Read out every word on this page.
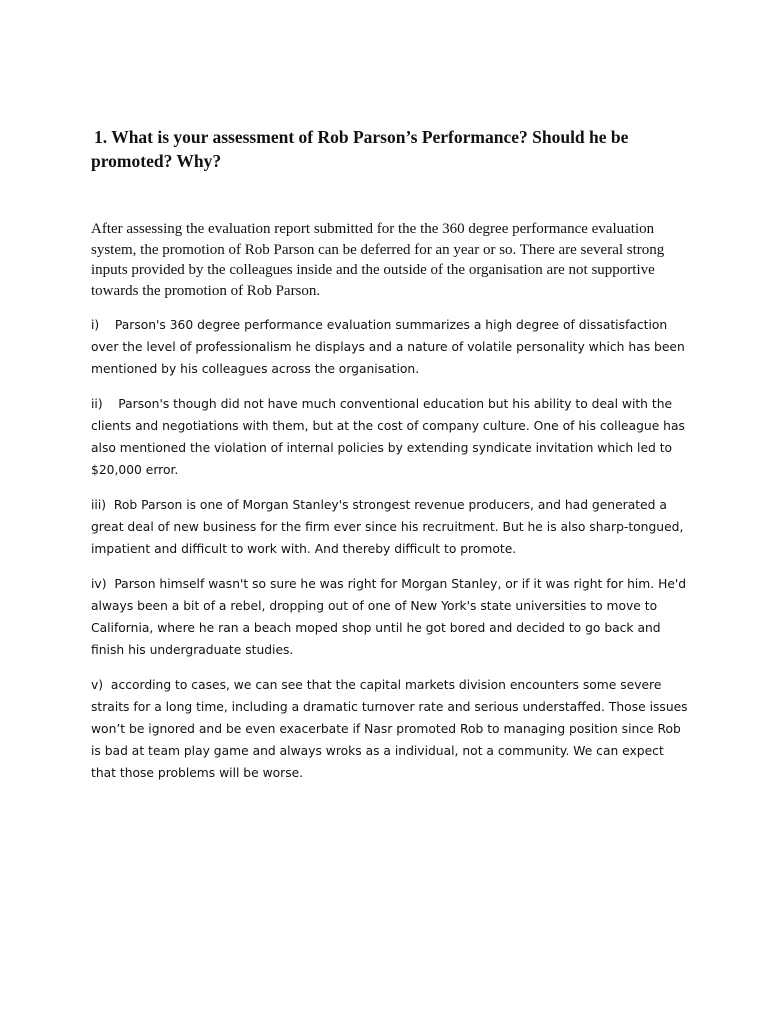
1. What is your assessment of Rob Parson’s Performance? Should he be promoted? Why?

After assessing the evaluation report submitted for the the 360 degree performance evaluation system, the promotion of Rob Parson can be deferred for an year or so. There are several strong inputs provided by the colleagues inside and the outside of the organisation are not supportive towards the promotion of Rob Parson.

i)    Parson's 360 degree performance evaluation summarizes a high degree of dissatisfaction over the level of professionalism he displays and a nature of volatile personality which has been mentioned by his colleagues across the organisation.
ii)    Parson's though did not have much conventional education but his ability to deal with the clients and negotiations with them, but at the cost of company culture. One of his colleague has also mentioned the violation of internal policies by extending syndicate invitation which led to $20,000 error.
iii)  Rob Parson is one of Morgan Stanley's strongest revenue producers, and had generated a great deal of new business for the firm ever since his recruitment. But he is also sharp-tongued, impatient and difficult to work with. And thereby difficult to promote.
iv)  Parson himself wasn't so sure he was right for Morgan Stanley, or if it was right for him. He'd always been a bit of a rebel, dropping out of one of New York's state universities to move to California, where he ran a beach moped shop until he got bored and decided to go back and finish his undergraduate studies.
v)  according to cases, we can see that the capital markets division encounters some severe straits for a long time, including a dramatic turnover rate and serious understaffed. Those issues won’t be ignored and be even exacerbate if Nasr promoted Rob to managing position since Rob is bad at team play game and always wroks as a individual, not a community. We can expect that those problems will be worse.
